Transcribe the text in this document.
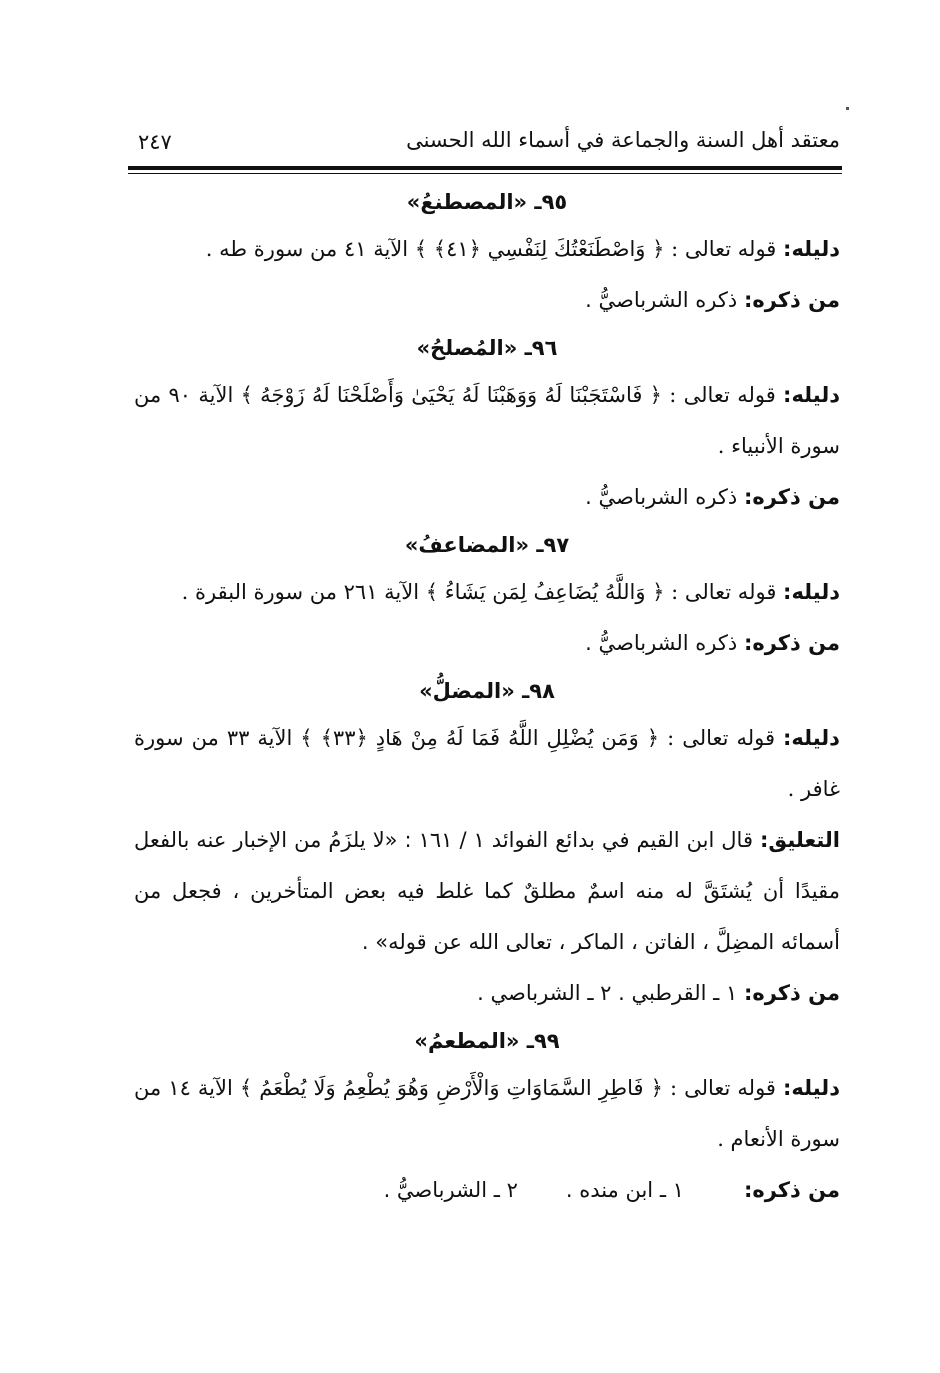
معتقد أهل السنة والجماعة في أسماء الله الحسنى
٢٤٧
٩٥ـ «المصطنعُ»

دليله: قوله تعالى : ﴿ وَاصْطَنَعْتُكَ لِنَفْسِي ﴿٤١﴾ ﴾ الآية ٤١ من سورة طه .

من ذكره: ذكره الشرباصيُّ .

٩٦ـ «المُصلحُ»

دليله: قوله تعالى : ﴿ فَاسْتَجَبْنَا لَهُ وَوَهَبْنَا لَهُ يَحْيَىٰ وَأَصْلَحْنَا لَهُ زَوْجَهُ ﴾ الآية ٩٠ من سورة الأنبياء .

من ذكره: ذكره الشرباصيُّ .

٩٧ـ «المضاعفُ»

دليله: قوله تعالى : ﴿ وَاللَّهُ يُضَاعِفُ لِمَن يَشَاءُ ﴾ الآية ٢٦١ من سورة البقرة .

من ذكره: ذكره الشرباصيُّ .

٩٨ـ «المضلُّ»

دليله: قوله تعالى : ﴿ وَمَن يُضْلِلِ اللَّهُ فَمَا لَهُ مِنْ هَادٍ ﴿٣٣﴾ ﴾ الآية ٣٣ من سورة غافر .

التعليق: قال ابن القيم في بدائع الفوائد ١ / ١٦١ : «لا يلزَمُ من الإخبار عنه بالفعل مقيدًا أن يُشتَقَّ له منه اسمٌ مطلقٌ كما غلط فيه بعض المتأخرين ، فجعل من أسمائه المضِلَّ ، الفاتن ، الماكر ، تعالى الله عن قوله» .

من ذكره: ١ ـ القرطبي . ٢ ـ الشرباصي .

٩٩ـ «المطعمُ»

دليله: قوله تعالى : ﴿ فَاطِرِ السَّمَاوَاتِ وَالْأَرْضِ وَهُوَ يُطْعِمُ وَلَا يُطْعَمُ ﴾ الآية ١٤ من سورة الأنعام .

من ذكره:١ ـ ابن منده .٢ ـ الشرباصيُّ .
